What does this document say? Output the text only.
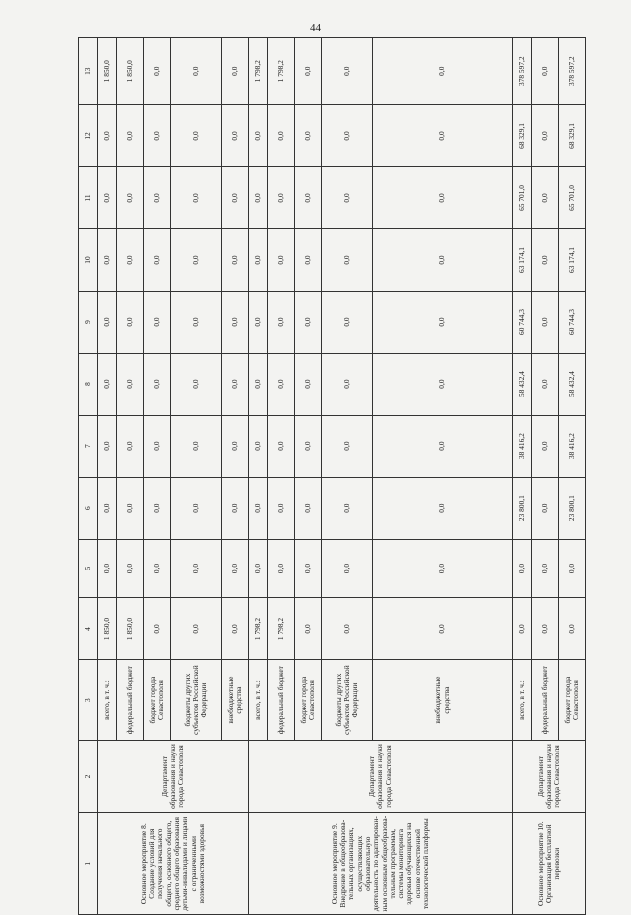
44
1	2	3	4	5	6	7	8	9	10	11	12	13
Основное мероприятие 8. Создание условий для получения начального общего, основного общего, среднего общего образования детьми-инвалидами и лицами с ограниченными возможностями здоровья	Департамент образования и науки города Севастополя	всего, в т. ч.:	1 850,0	0,0	0,0	0,0	0,0	0,0	0,0	0,0	0,0	1 850,0
		федеральный бюджет	1 850,0	0,0	0,0	0,0	0,0	0,0	0,0	0,0	0,0	1 850,0
		бюджет города Севастополя	0,0	0,0	0,0	0,0	0,0	0,0	0,0	0,0	0,0	0,0
		бюджеты других субъектов Российской Федерации	0,0	0,0	0,0	0,0	0,0	0,0	0,0	0,0	0,0	0,0
		внебюджетные средства	0,0	0,0	0,0	0,0	0,0	0,0	0,0	0,0	0,0	0,0
Основное мероприятие 9. Внедрение в общеобразова-тельных организациях, осуществляющих образовательную деятельность по адаптирован-ным основным общеобразова-тельным программам, системы мониторинга здоровья обучающихся на основе отечественной технологической платформы	Департамент образования и науки города Севастополя	всего, в т. ч.:	1 798,2	0,0	0,0	0,0	0,0	0,0	0,0	0,0	0,0	1 798,2
		федеральный бюджет	1 798,2	0,0	0,0	0,0	0,0	0,0	0,0	0,0	0,0	1 798,2
		бюджет города Севастополя	0,0	0,0	0,0	0,0	0,0	0,0	0,0	0,0	0,0	0,0
		бюджеты других субъектов Российской Федерации	0,0	0,0	0,0	0,0	0,0	0,0	0,0	0,0	0,0	0,0
		внебюджетные средства	0,0	0,0	0,0	0,0	0,0	0,0	0,0	0,0	0,0	0,0
Основное мероприятие 10. Организация бесплатной перевозки	Департамент образования и науки города Севастополя	всего, в т. ч.:	0,0	0,0	23 800,1	38 416,2	58 432,4	60 744,3	63 174,1	65 701,0	68 329,1	378 597,2
		федеральный бюджет	0,0	0,0	0,0	0,0	0,0	0,0	0,0	0,0	0,0	0,0
		бюджет города Севастополя	0,0	0,0	23 800,1	38 416,2	58 432,4	60 744,3	63 174,1	65 701,0	68 329,1	378 597,2
